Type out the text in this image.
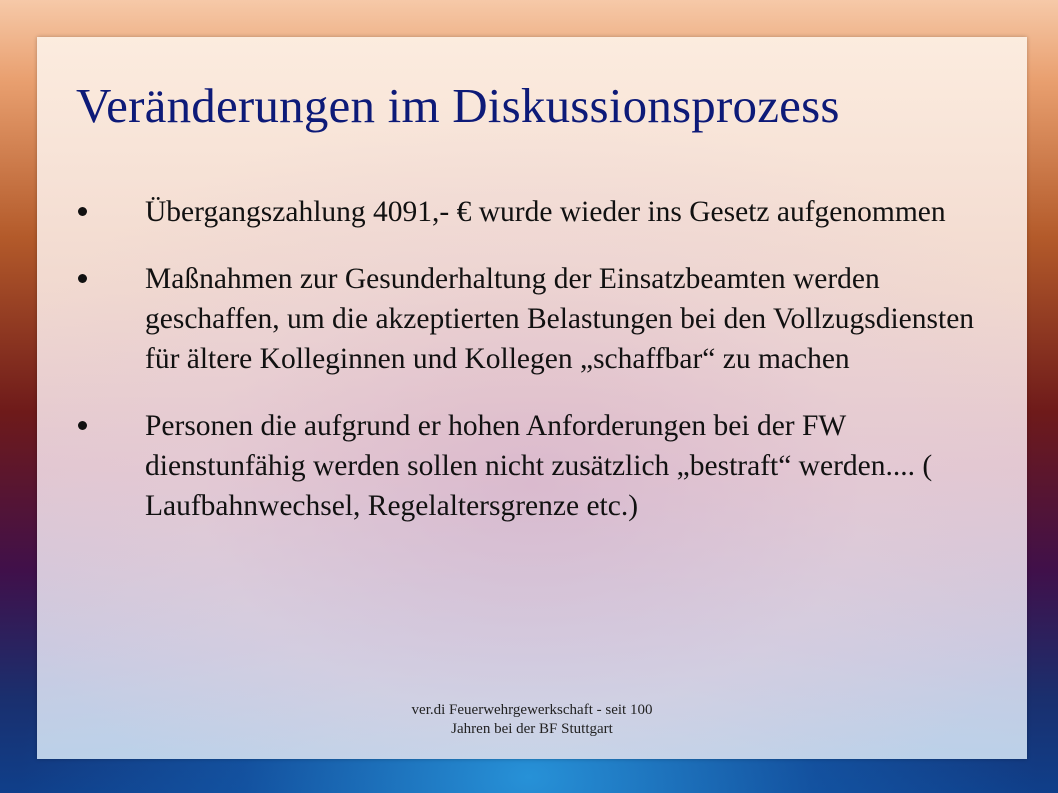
Veränderungen im Diskussionsprozess
Übergangszahlung 4091,- € wurde wieder ins Gesetz aufgenommen
Maßnahmen zur Gesunderhaltung der Einsatzbeamten werden geschaffen, um die akzeptierten Belastungen bei den Vollzugsdiensten für ältere Kolleginnen und Kollegen „schaffbar“ zu machen
Personen die aufgrund er hohen Anforderungen bei der FW dienstunfähig werden sollen nicht zusätzlich „bestraft“ werden.... ( Laufbahnwechsel, Regelaltersgrenze etc.)
ver.di Feuerwehrgewerkschaft - seit 100
Jahren bei der BF Stuttgart
